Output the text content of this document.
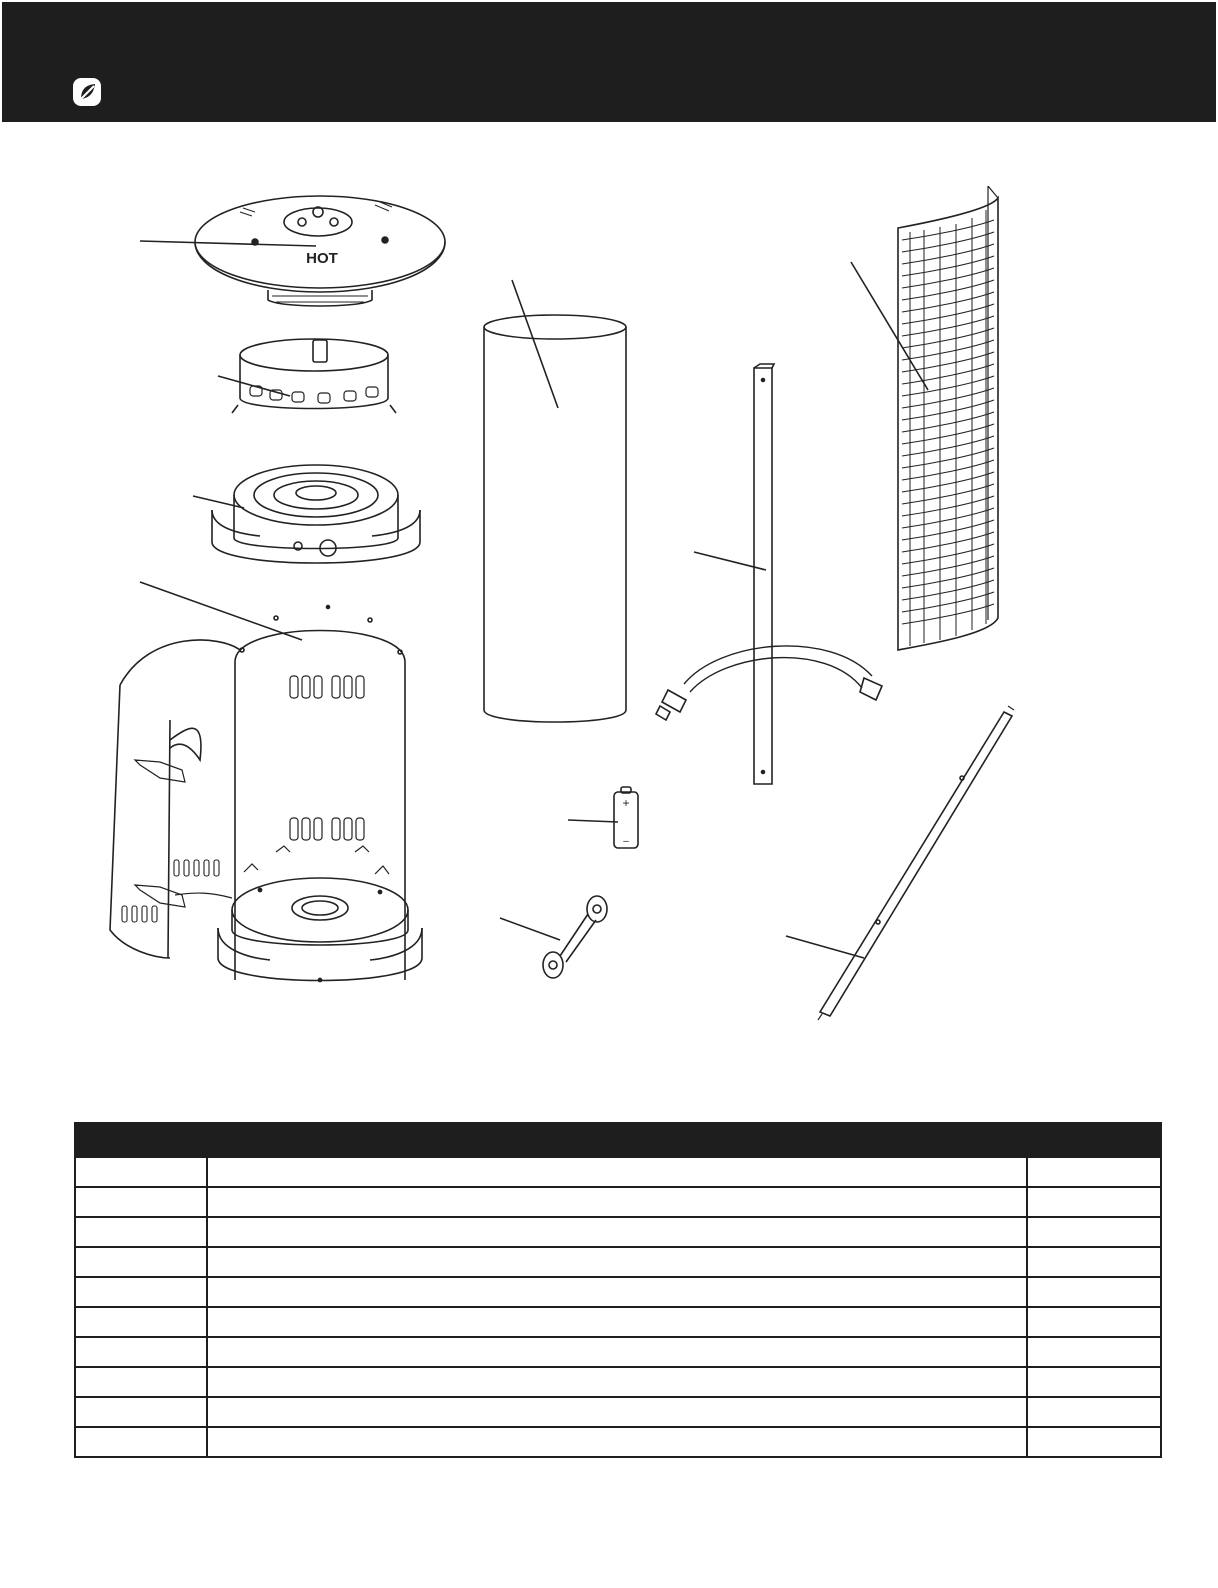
HOT
+
–
